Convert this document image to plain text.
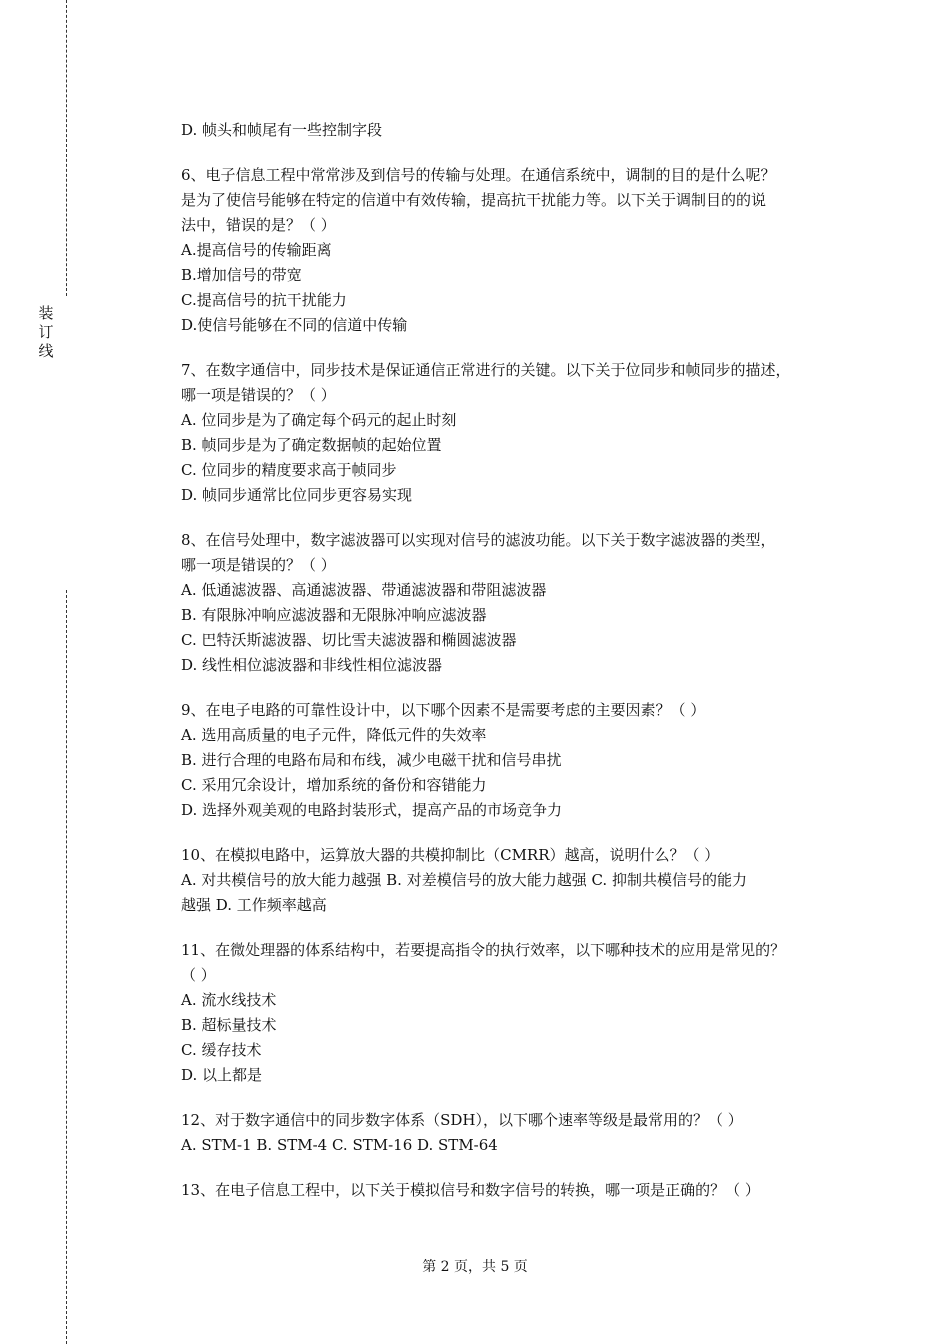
装
订
线
D. 帧头和帧尾有一些控制字段
6、电子信息工程中常常涉及到信号的传输与处理。在通信系统中，调制的目的是什么呢？
是为了使信号能够在特定的信道中有效传输，提高抗干扰能力等。以下关于调制目的的说
法中，错误的是？（ ）
A.提高信号的传输距离
B.增加信号的带宽
C.提高信号的抗干扰能力
D.使信号能够在不同的信道中传输
7、在数字通信中，同步技术是保证通信正常进行的关键。以下关于位同步和帧同步的描述，
哪一项是错误的？（ ）
A. 位同步是为了确定每个码元的起止时刻
B. 帧同步是为了确定数据帧的起始位置
C. 位同步的精度要求高于帧同步
D. 帧同步通常比位同步更容易实现
8、在信号处理中，数字滤波器可以实现对信号的滤波功能。以下关于数字滤波器的类型，
哪一项是错误的？（ ）
A. 低通滤波器、高通滤波器、带通滤波器和带阻滤波器
B. 有限脉冲响应滤波器和无限脉冲响应滤波器
C. 巴特沃斯滤波器、切比雪夫滤波器和椭圆滤波器
D. 线性相位滤波器和非线性相位滤波器
9、在电子电路的可靠性设计中，以下哪个因素不是需要考虑的主要因素？（ ）
A. 选用高质量的电子元件，降低元件的失效率
B. 进行合理的电路布局和布线，减少电磁干扰和信号串扰
C. 采用冗余设计，增加系统的备份和容错能力
D. 选择外观美观的电路封装形式，提高产品的市场竞争力
10、在模拟电路中，运算放大器的共模抑制比（CMRR）越高，说明什么？（ ）
A. 对共模信号的放大能力越强 B. 对差模信号的放大能力越强 C. 抑制共模信号的能力
越强 D. 工作频率越高
11、在微处理器的体系结构中，若要提高指令的执行效率，以下哪种技术的应用是常见的？
（ ）
A. 流水线技术
B. 超标量技术
C. 缓存技术
D. 以上都是
12、对于数字通信中的同步数字体系（SDH），以下哪个速率等级是最常用的？（ ）
A. STM-1 B. STM-4 C. STM-16 D. STM-64
13、在电子信息工程中，以下关于模拟信号和数字信号的转换，哪一项是正确的？（ ）
第 2 页，共 5 页
